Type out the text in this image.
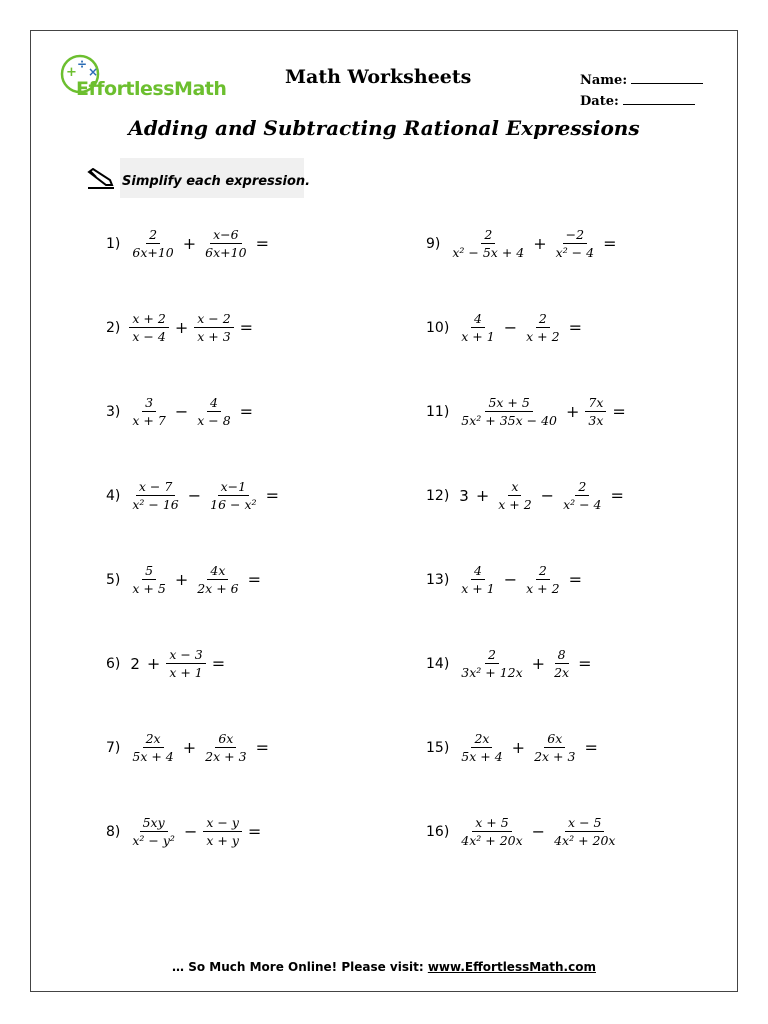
+
÷
×
EffortlessMath
Math Worksheets	Name:
Date:
Adding and Subtracting Rational Expressions
Simplify each expression.
$1) \frac{2}{6x+10} + \frac{x-6}{6x+10}$ =
$2) \frac{x + 2}{x - 4} + \frac{x - 2}{x + 3}$ =
$3) \frac{3}{x + 7} - \frac{4}{x - 8}$ =
$4) \frac{x - 7}{\text{x² − 16}} - \frac{x-1}{\text{16 − x²}}$ =
$5) \frac{5}{x + 5} + \frac{4x}{2x + 6}$ =
6) $2 + \frac{x - 3}{x + 1}$ =
$7) \frac{2x}{5x + 4} + \frac{6x}{2x + 3}$ =
$8) \frac{5xy}{\text{x² − y²}} - \frac{x - y}{x + y}$ =
$9) \frac{2}{\text{x² − 5x + 4}} + \frac{-2}{\text{x² − 4}}$ =
$10) \frac{4}{x + 1} - \frac{2}{x + 2}$ =
$11) \frac{5x + 5}{\text{5x² + 35x − 40}} + \frac{7x}{3x}$ =
12) $3 + \frac{x}{x + 2} - \frac{2}{\text{x² − 4}}$ =
$13) \frac{4}{x + 1} - \frac{2}{x + 2}$ =
$14) \frac{2}{\text{3x² + 12x}} + \frac{8}{2x}$ =
$15) \frac{2x}{5x + 4} + \frac{6x}{2x + 3}$ =
$16) \frac{x + 5}{\text{4x² + 20x}} - \frac{x - 5}{\text{4x² + 20x}}$
… So Much More Online! Please visit: www.EffortlessMath.com
